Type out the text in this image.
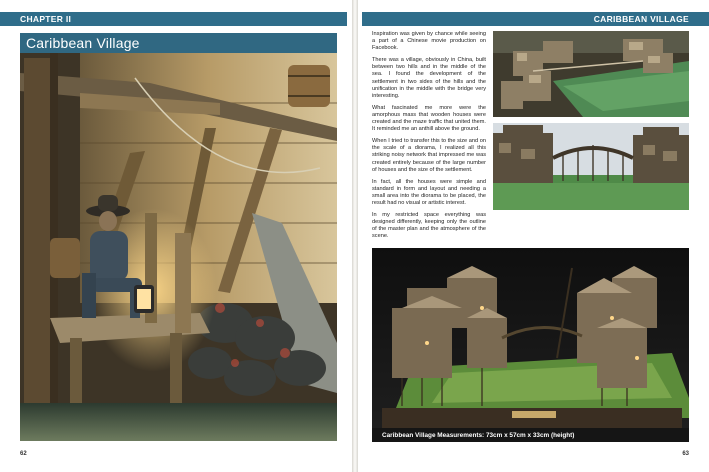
CHAPTER II	CARIBBEAN VILLAGE
Caribbean Village

Inspiration was given by chance while seeing a part of a Chinese movie production on Facebook.

There was a village, obviously in China, built between two hills and in the middle of the sea. I found the development of the settlement in two sides of the hills and the unification in the middle with the bridge very interesting.

What fascinated me more were the amorphous mass that wooden houses were created and the maze traffic that united them. It reminded me an anthill above the ground.

When I tried to transfer this to the size and on the scale of a diorama, I realized all this striking noisy network that impressed me was created entirely because of the large number of houses and the size of the settlement.

In fact, all the houses were simple and standard in form and layout and needing a small area into the diorama to be placed, the result had no visual or artistic interest.

In my restricted space everything was designed differently, keeping only the outline of the master plan and the atmosphere of the scene.

Caribbean Village Measurements: 73cm x 57cm x 33cm (height)
62	63
